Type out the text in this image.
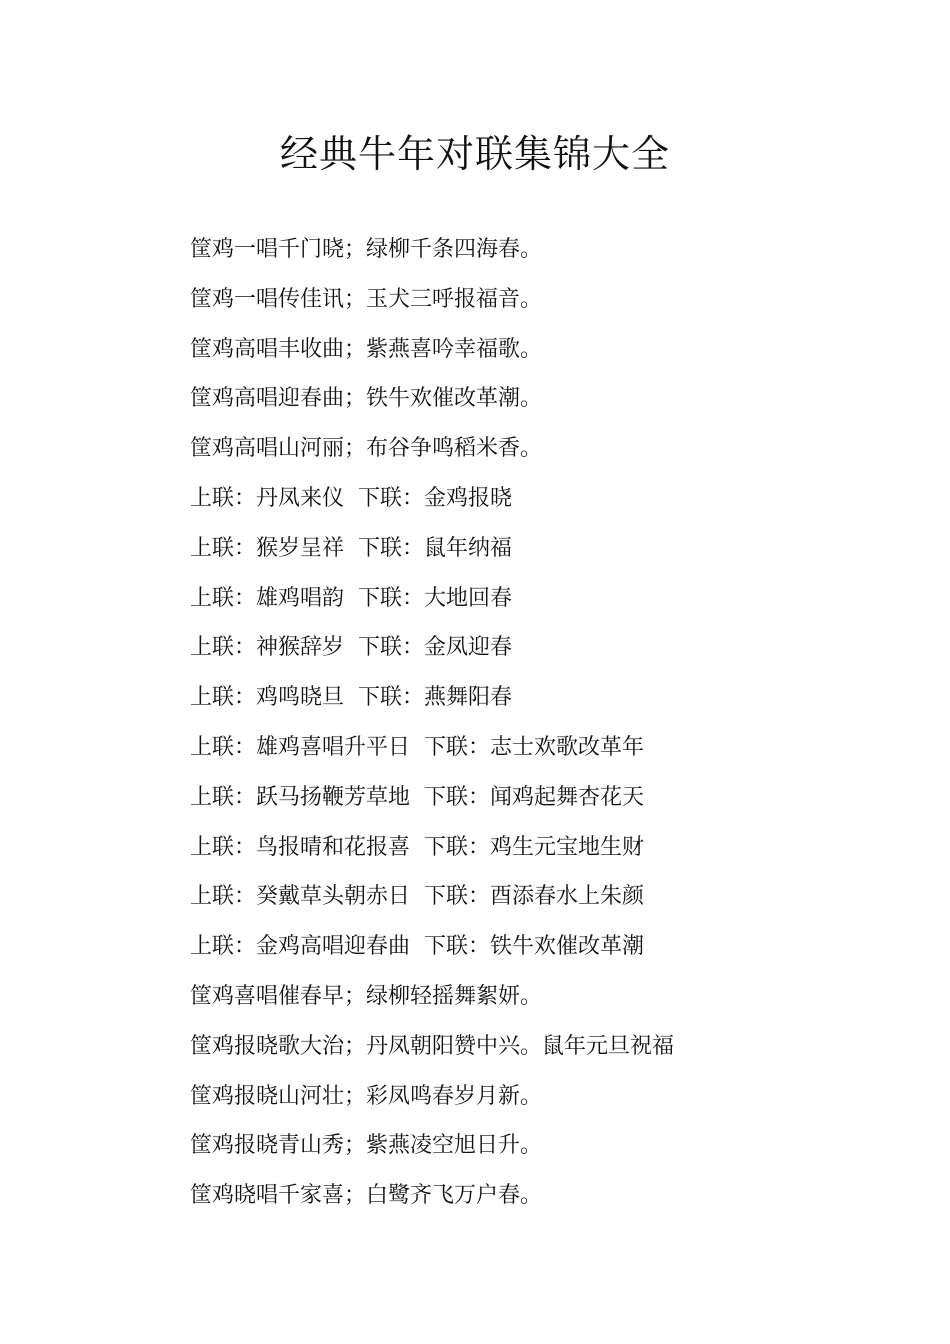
经典牛年对联集锦大全
筐鸡一唱千门晓；绿柳千条四海春。
筐鸡一唱传佳讯；玉犬三呼报福音。
筐鸡高唱丰收曲；紫燕喜吟幸福歌。
筐鸡高唱迎春曲；铁牛欢催改革潮。
筐鸡高唱山河丽；布谷争鸣稻米香。
上联：丹凤来仪  下联：金鸡报晓
上联：猴岁呈祥  下联：鼠年纳福
上联：雄鸡唱韵  下联：大地回春
上联：神猴辞岁  下联：金凤迎春
上联：鸡鸣晓旦  下联：燕舞阳春
上联：雄鸡喜唱升平日  下联：志士欢歌改革年
上联：跃马扬鞭芳草地  下联：闻鸡起舞杏花天
上联：鸟报晴和花报喜  下联：鸡生元宝地生财
上联：癸戴草头朝赤日  下联：酉添春水上朱颜
上联：金鸡高唱迎春曲  下联：铁牛欢催改革潮
筐鸡喜唱催春早；绿柳轻摇舞絮妍。
筐鸡报晓歌大治；丹凤朝阳赞中兴。鼠年元旦祝福
筐鸡报晓山河壮；彩凤鸣春岁月新。
筐鸡报晓青山秀；紫燕凌空旭日升。
筐鸡晓唱千家喜；白鹭齐飞万户春。
